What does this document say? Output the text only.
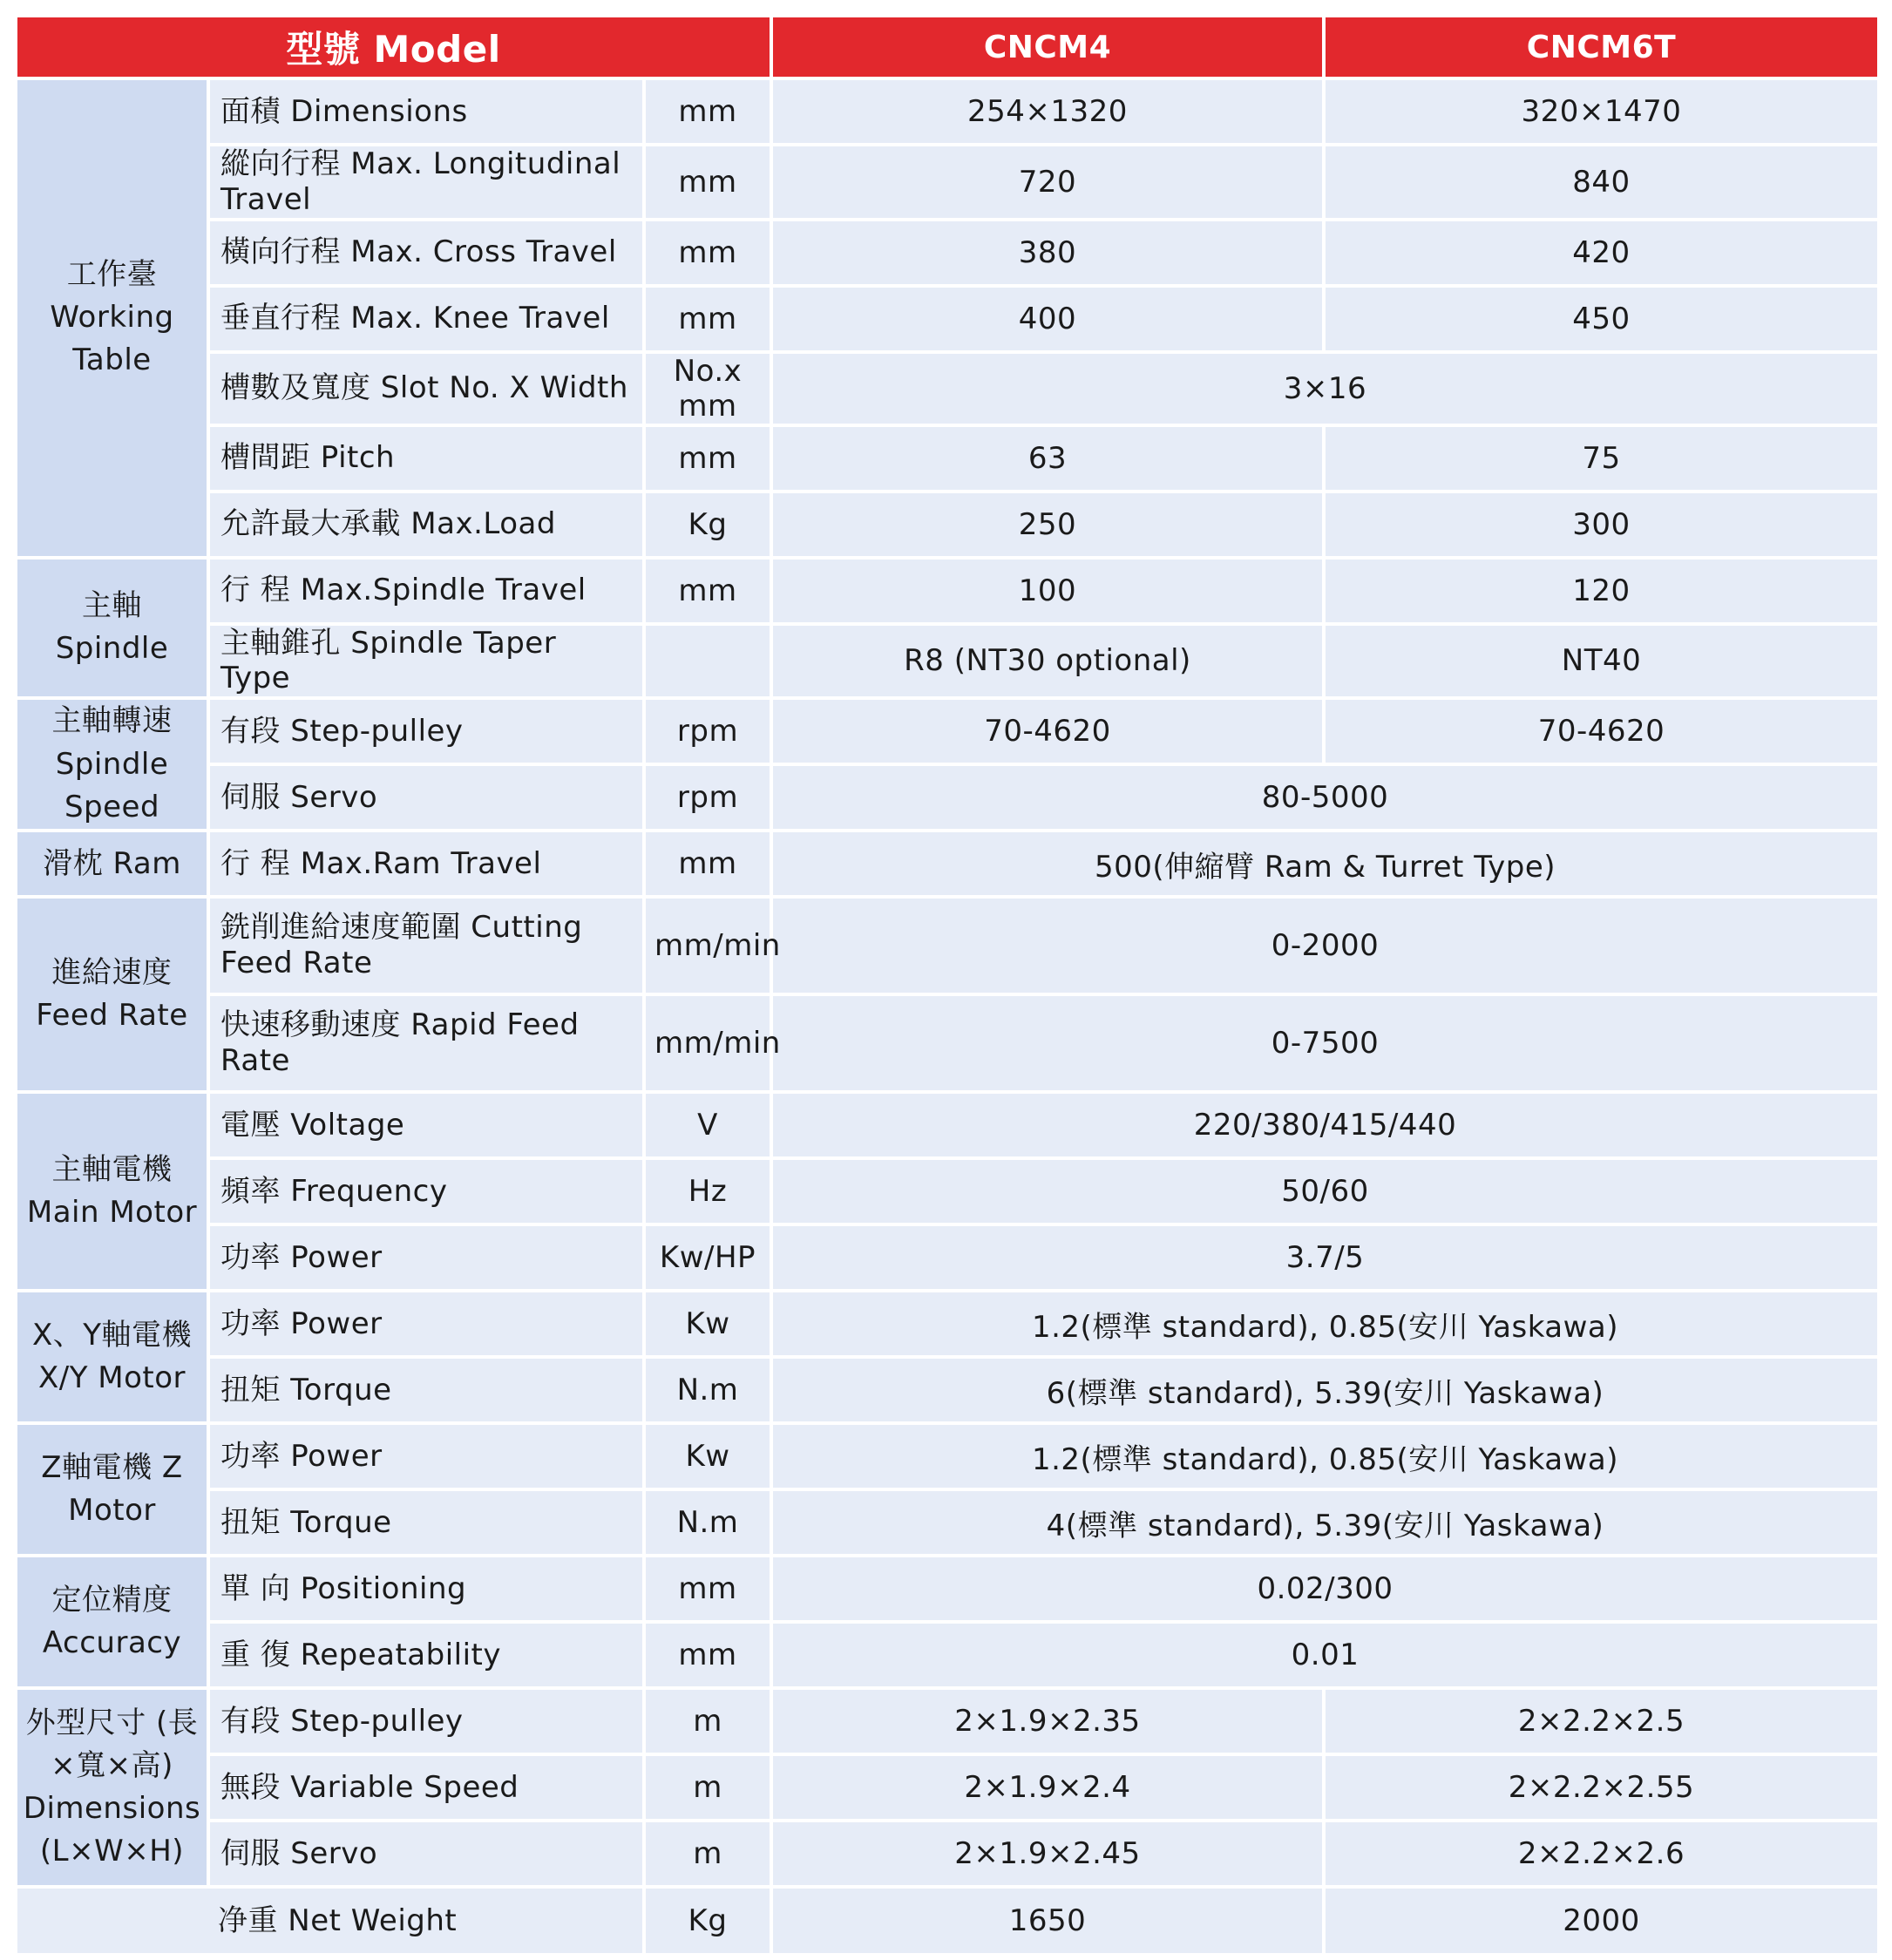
型號 Model			CNCM4	CNCM6T
工作臺 Working Table	面積 Dimensions	mm	254×1320	320×1470
	縱向行程 Max. Longitudinal Travel	mm	720	840
	橫向行程 Max. Cross Travel	mm	380	420
	垂直行程 Max. Knee Travel	mm	400	450
	槽數及寬度 Slot No. X Width	No.x mm	3×16	
	槽間距 Pitch	mm	63	75
	允許最大承載 Max.Load	Kg	250	300
主軸 Spindle	行 程 Max.Spindle Travel	mm	100	120
	主軸錐孔 Spindle Taper Type		R8 (NT30 optional)	NT40
主軸轉速 Spindle Speed	有段 Step-pulley	rpm	70-4620	70-4620
	伺服 Servo	rpm	80-5000	
滑枕 Ram	行 程 Max.Ram Travel	mm	500(伸縮臂 Ram & Turret Type)	
進給速度 Feed Rate	銑削進給速度範圍 Cutting Feed Rate	mm/min	0-2000	
	快速移動速度 Rapid Feed Rate	mm/min	0-7500	
主軸電機 Main Motor	電壓 Voltage	V	220/380/415/440	
	頻率 Frequency	Hz	50/60	
	功率 Power	Kw/HP	3.7/5	
X、Y軸電機 X/Y Motor	功率 Power	Kw	1.2(標準 standard), 0.85(安川 Yaskawa)	
	扭矩 Torque	N.m	6(標準 standard), 5.39(安川 Yaskawa)	
Z軸電機 Z Motor	功率 Power	Kw	1.2(標準 standard), 0.85(安川 Yaskawa)	
	扭矩 Torque	N.m	4(標準 standard), 5.39(安川 Yaskawa)	
定位精度 Accuracy	單 向 Positioning	mm	0.02/300	
	重 復 Repeatability	mm	0.01	
外型尺寸 (長×寬×高) Dimensions (L×W×H)	有段 Step-pulley	m	2×1.9×2.35	2×2.2×2.5
	無段 Variable Speed	m	2×1.9×2.4	2×2.2×2.55
	伺服 Servo	m	2×1.9×2.45	2×2.2×2.6
净重 Net Weight		Kg	1650	2000
